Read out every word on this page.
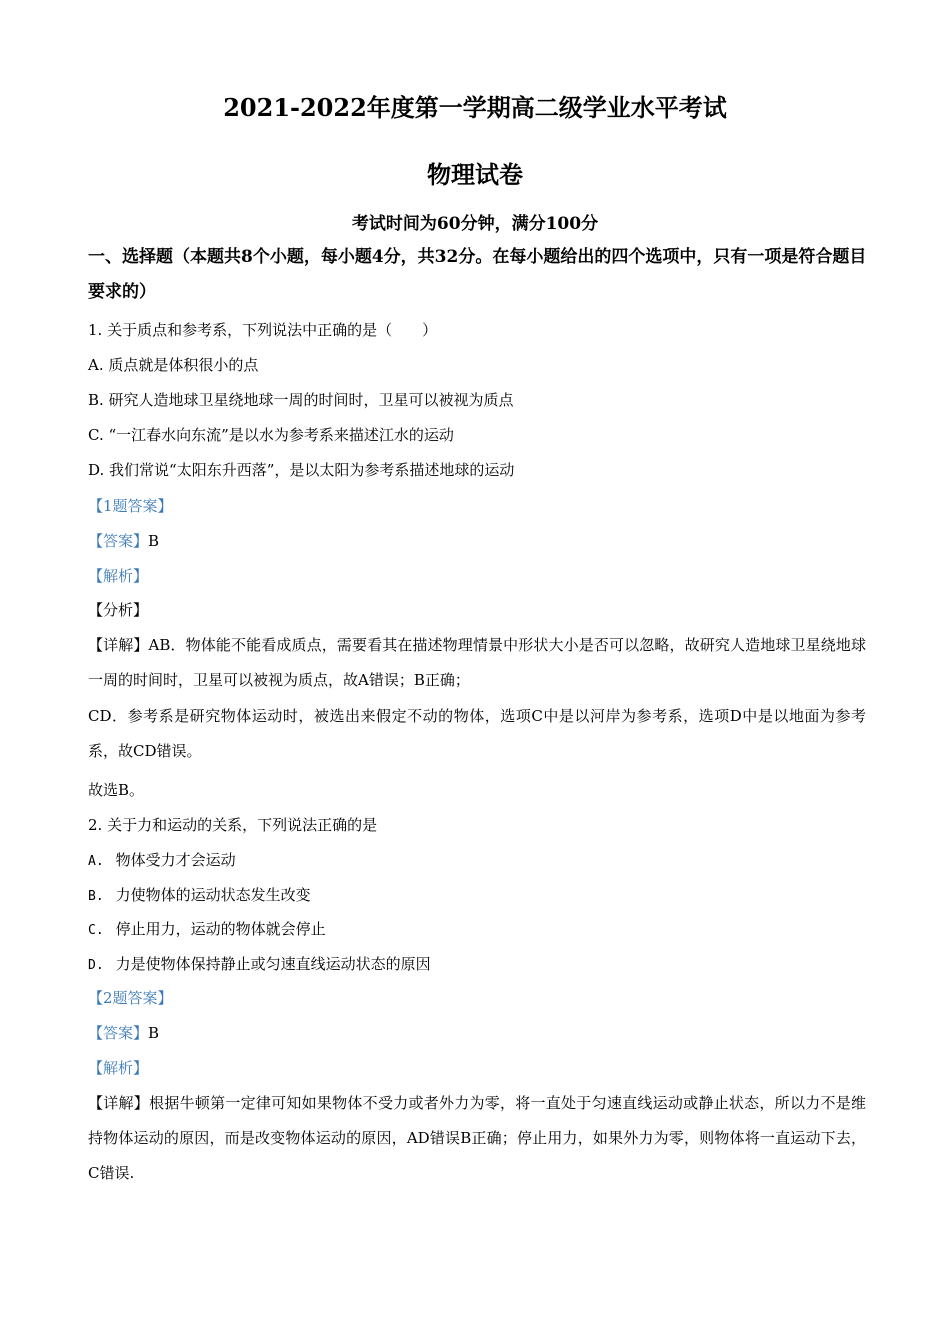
2021-2022年度第一学期高二级学业水平考试
物理试卷
考试时间为60分钟，满分100分
一、选择题（本题共8个小题，每小题4分，共32分。在每小题给出的四个选项中，只有一项是符合题目要求的）
1. 关于质点和参考系，下列说法中正确的是（　　）
A. 质点就是体积很小的点
B. 研究人造地球卫星绕地球一周的时间时，卫星可以被视为质点
C. “一江春水向东流”是以水为参考系来描述江水的运动
D. 我们常说“太阳东升西落”，是以太阳为参考系描述地球的运动
【1题答案】
【答案】B
【解析】
【分析】
【详解】AB．物体能不能看成质点，需要看其在描述物理情景中形状大小是否可以忽略，故研究人造地球卫星绕地球一周的时间时，卫星可以被视为质点，故A错误；B正确；
CD．参考系是研究物体运动时，被选出来假定不动的物体，选项C中是以河岸为参考系，选项D中是以地面为参考系，故CD错误。
故选B。
2. 关于力和运动的关系，下列说法正确的是
A. 物体受力才会运动
B. 力使物体的运动状态发生改变
C. 停止用力，运动的物体就会停止
D. 力是使物体保持静止或匀速直线运动状态的原因
【2题答案】
【答案】B
【解析】
【详解】根据牛顿第一定律可知如果物体不受力或者外力为零，将一直处于匀速直线运动或静止状态，所以力不是维持物体运动的原因，而是改变物体运动的原因，AD错误B正确；停止用力，如果外力为零，则物体将一直运动下去，C错误.
